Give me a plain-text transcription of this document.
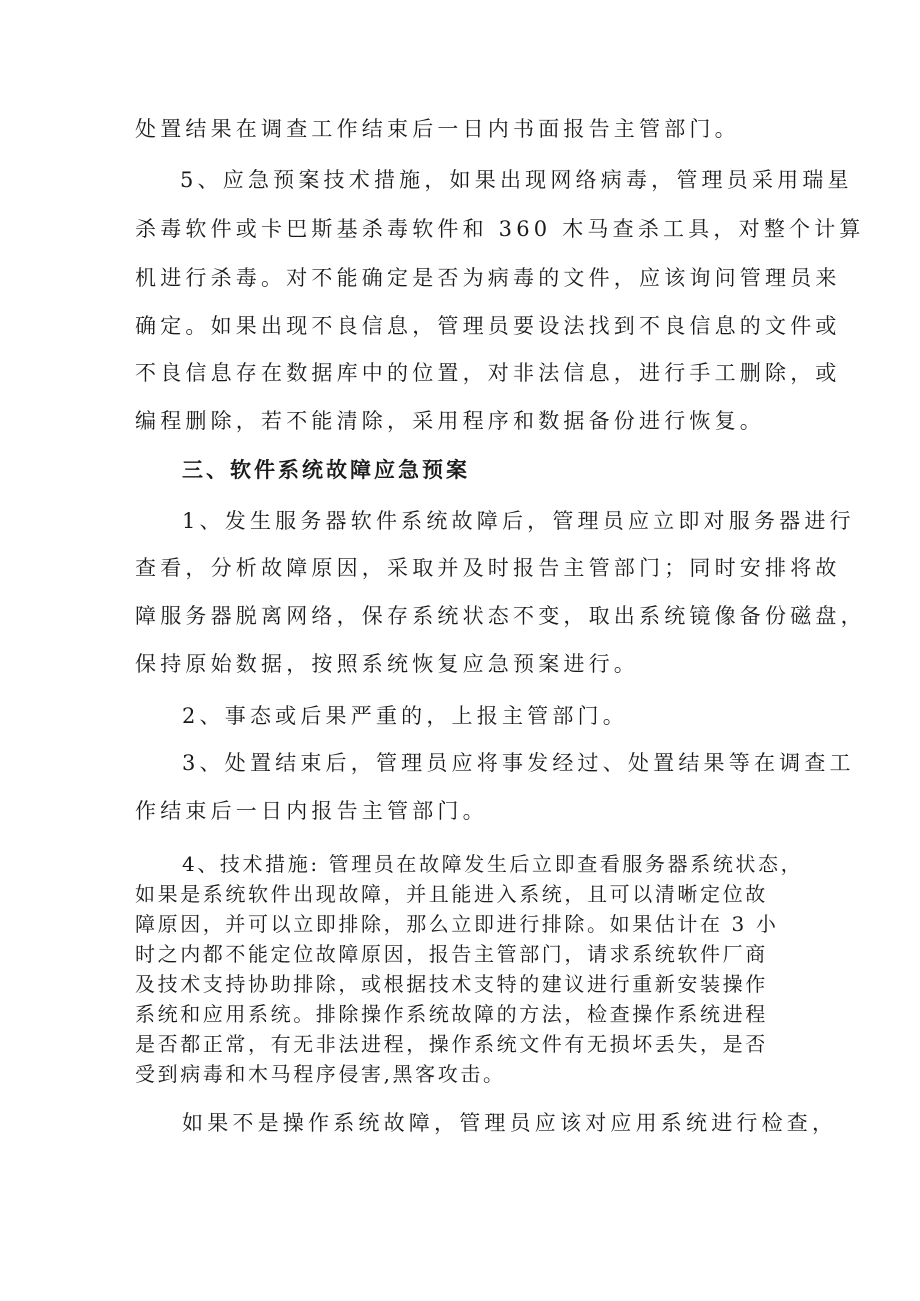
处置结果在调查工作结束后一日内书面报告主管部门。
5、应急预案技术措施，如果出现网络病毒，管理员采用瑞星
杀毒软件或卡巴斯基杀毒软件和 360 木马查杀工具，对整个计算
机进行杀毒。对不能确定是否为病毒的文件，应该询问管理员来
确定。如果出现不良信息，管理员要设法找到不良信息的文件或
不良信息存在数据库中的位置，对非法信息，进行手工删除，或
编程删除，若不能清除，采用程序和数据备份进行恢复。
三、软件系统故障应急预案
1、发生服务器软件系统故障后，管理员应立即对服务器进行
查看，分析故障原因，采取并及时报告主管部门；同时安排将故
障服务器脱离网络，保存系统状态不变，取出系统镜像备份磁盘，
保持原始数据，按照系统恢复应急预案进行。
2、事态或后果严重的，上报主管部门。
3、处置结束后，管理员应将事发经过、处置结果等在调查工
作结束后一日内报告主管部门。
4、技术措施: 管理员在故障发生后立即查看服务器系统状态，
如果是系统软件出现故障，并且能进入系统，且可以清晰定位故
障原因，并可以立即排除，那么立即进行排除。如果估计在 3 小
时之内都不能定位故障原因，报告主管部门，请求系统软件厂商
及技术支持协助排除，或根据技术支特的建议进行重新安装操作
系统和应用系统。排除操作系统故障的方法，检查操作系统进程
是否都正常，有无非法进程，操作系统文件有无损坏丢失，是否
受到病毒和木马程序侵害,黑客攻击。
如果不是操作系统故障，管理员应该对应用系统进行检查，
